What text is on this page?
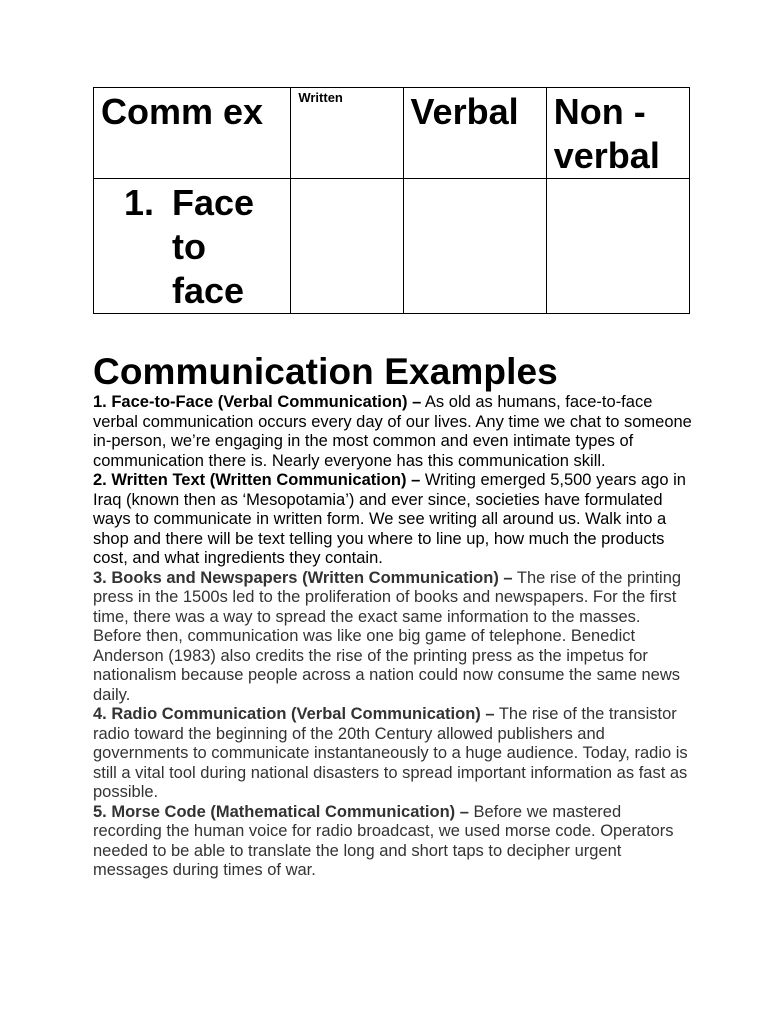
Comm ex	Written	Verbal	Non -
verbal

1. Face to face			

Communication Examples

1. Face-to-Face (Verbal Communication) – As old as humans, face-to-face verbal communication occurs every day of our lives. Any time we chat to someone in-person, we’re engaging in the most common and even intimate types of communication there is. Nearly everyone has this communication skill.

2. Written Text (Written Communication) – Writing emerged 5,500 years ago in Iraq (known then as ‘Mesopotamia’) and ever since, societies have formulated ways to communicate in written form. We see writing all around us. Walk into a shop and there will be text telling you where to line up, how much the products cost, and what ingredients they contain.

3. Books and Newspapers (Written Communication) – The rise of the printing press in the 1500s led to the proliferation of books and newspapers. For the first time, there was a way to spread the exact same information to the masses. Before then, communication was like one big game of telephone. Benedict Anderson (1983) also credits the rise of the printing press as the impetus for nationalism because people across a nation could now consume the same news daily.

4. Radio Communication (Verbal Communication) – The rise of the transistor radio toward the beginning of the 20th Century allowed publishers and governments to communicate instantaneously to a huge audience. Today, radio is still a vital tool during national disasters to spread important information as fast as possible.

5. Morse Code (Mathematical Communication) – Before we mastered recording the human voice for radio broadcast, we used morse code. Operators needed to be able to translate the long and short taps to decipher urgent messages during times of war.
